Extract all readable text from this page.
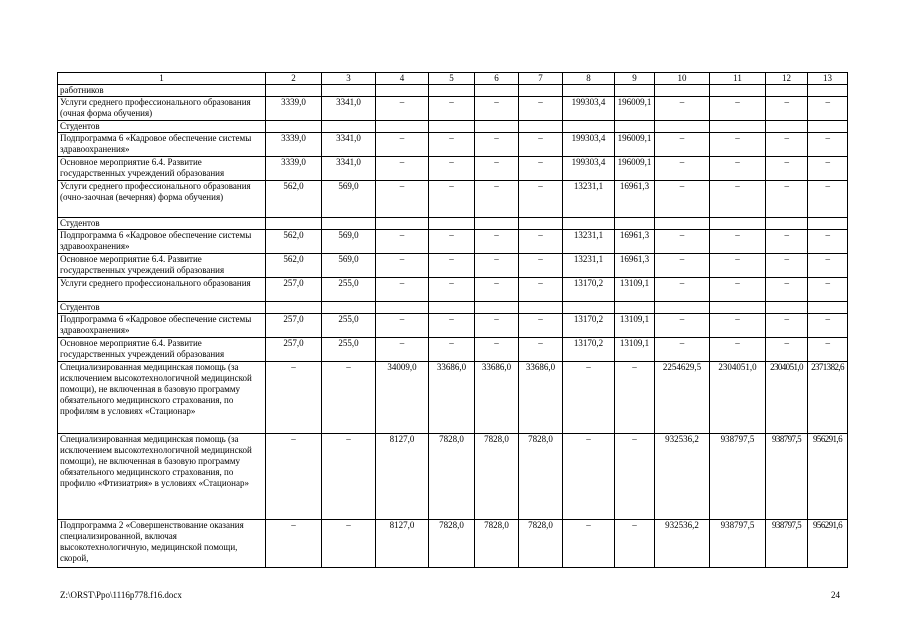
1	2	3	4	5	6	7	8	9	10	11	12	13
работников												
Услуги среднего профессионального образования (очная форма обучения)	3339,0	3341,0	–	–	–	–	199303,4	196009,1	–	–	–	–
Студентов												
Подпрограмма 6 «Кадровое обеспечение системы здравоохранения»	3339,0	3341,0	–	–	–	–	199303,4	196009,1	–	–	–	–
Основное мероприятие 6.4. Развитие государственных учреждений образования	3339,0	3341,0	–	–	–	–	199303,4	196009,1	–	–	–	–
Услуги среднего профессионального образования (очно-заочная (вечерняя) форма обучения)	562,0	569,0	–	–	–	–	13231,1	16961,3	–	–	–	–
Студентов												
Подпрограмма 6 «Кадровое обеспечение системы здравоохранения»	562,0	569,0	–	–	–	–	13231,1	16961,3	–	–	–	–
Основное мероприятие 6.4. Развитие государственных учреждений образования	562,0	569,0	–	–	–	–	13231,1	16961,3	–	–	–	–
Услуги среднего профессионального образования	257,0	255,0	–	–	–	–	13170,2	13109,1	–	–	–	–
Студентов												
Подпрограмма 6 «Кадровое обеспечение системы здравоохранения»	257,0	255,0	–	–	–	–	13170,2	13109,1	–	–	–	–
Основное мероприятие 6.4. Развитие государственных учреждений образования	257,0	255,0	–	–	–	–	13170,2	13109,1	–	–	–	–
Специализированная медицинская помощь (за исключением высокотехнологичной медицинской помощи), не включенная в базовую программу обязательного медицинского страхования, по профилям в условиях «Стационар»	–	–	34009,0	33686,0	33686,0	33686,0	–	–	2254629,5	2304051,0	2304051,0	2371382,6
Специализированная медицинская помощь (за исключением высокотехнологичной медицинской помощи), не включенная в базовую программу обязательного медицинского страхования, по профилю «Фтизиатрия» в условиях «Стационар»	–	–	8127,0	7828,0	7828,0	7828,0	–	–	932536,2	938797,5	938797,5	956291,6
Подпрограмма 2 «Совершенствование оказания специализированной, включая высокотехнологичную, медицинской помощи, скорой,	–	–	8127,0	7828,0	7828,0	7828,0	–	–	932536,2	938797,5	938797,5	956291,6
Z:\ORST\Ppo\1116p778.f16.docx	24
